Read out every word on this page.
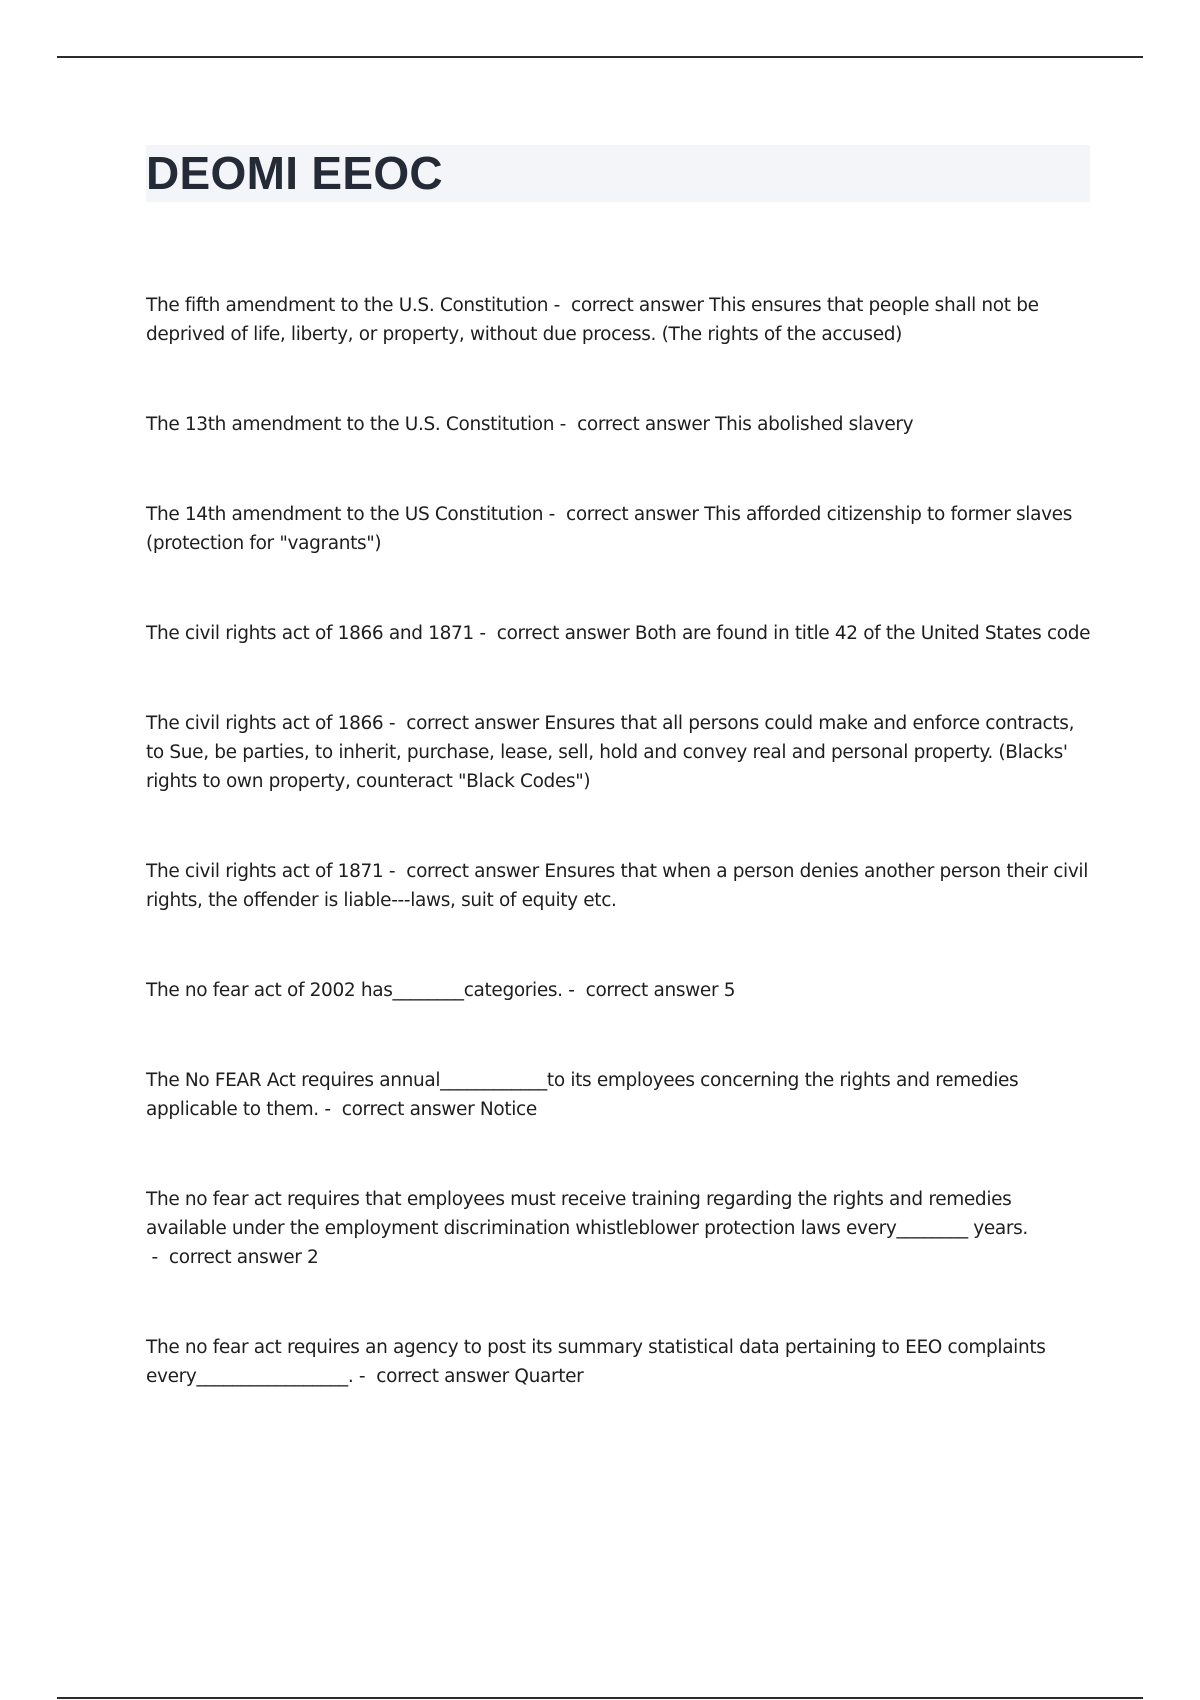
DEOMI EEOC

The fifth amendment to the U.S. Constitution -  correct answer This ensures that people shall not be deprived of life, liberty, or property, without due process. (The rights of the accused)

The 13th amendment to the U.S. Constitution -  correct answer This abolished slavery

The 14th amendment to the US Constitution -  correct answer This afforded citizenship to former slaves (protection for "vagrants")

The civil rights act of 1866 and 1871 -  correct answer Both are found in title 42 of the United States code

The civil rights act of 1866 -  correct answer Ensures that all persons could make and enforce contracts, to Sue, be parties, to inherit, purchase, lease, sell, hold and convey real and personal property. (Blacks' rights to own property, counteract "Black Codes")

The civil rights act of 1871 -  correct answer Ensures that when a person denies another person their civil rights, the offender is liable---laws, suit of equity etc.

The no fear act of 2002 has________categories. -  correct answer 5

The No FEAR Act requires annual____________to its employees concerning the rights and remedies applicable to them. -  correct answer Notice

The no fear act requires that employees must receive training regarding the rights and remedies available under the employment discrimination whistleblower protection laws every________ years. -  correct answer 2

The no fear act requires an agency to post its summary statistical data pertaining to EEO complaints every_________________. -  correct answer Quarter
